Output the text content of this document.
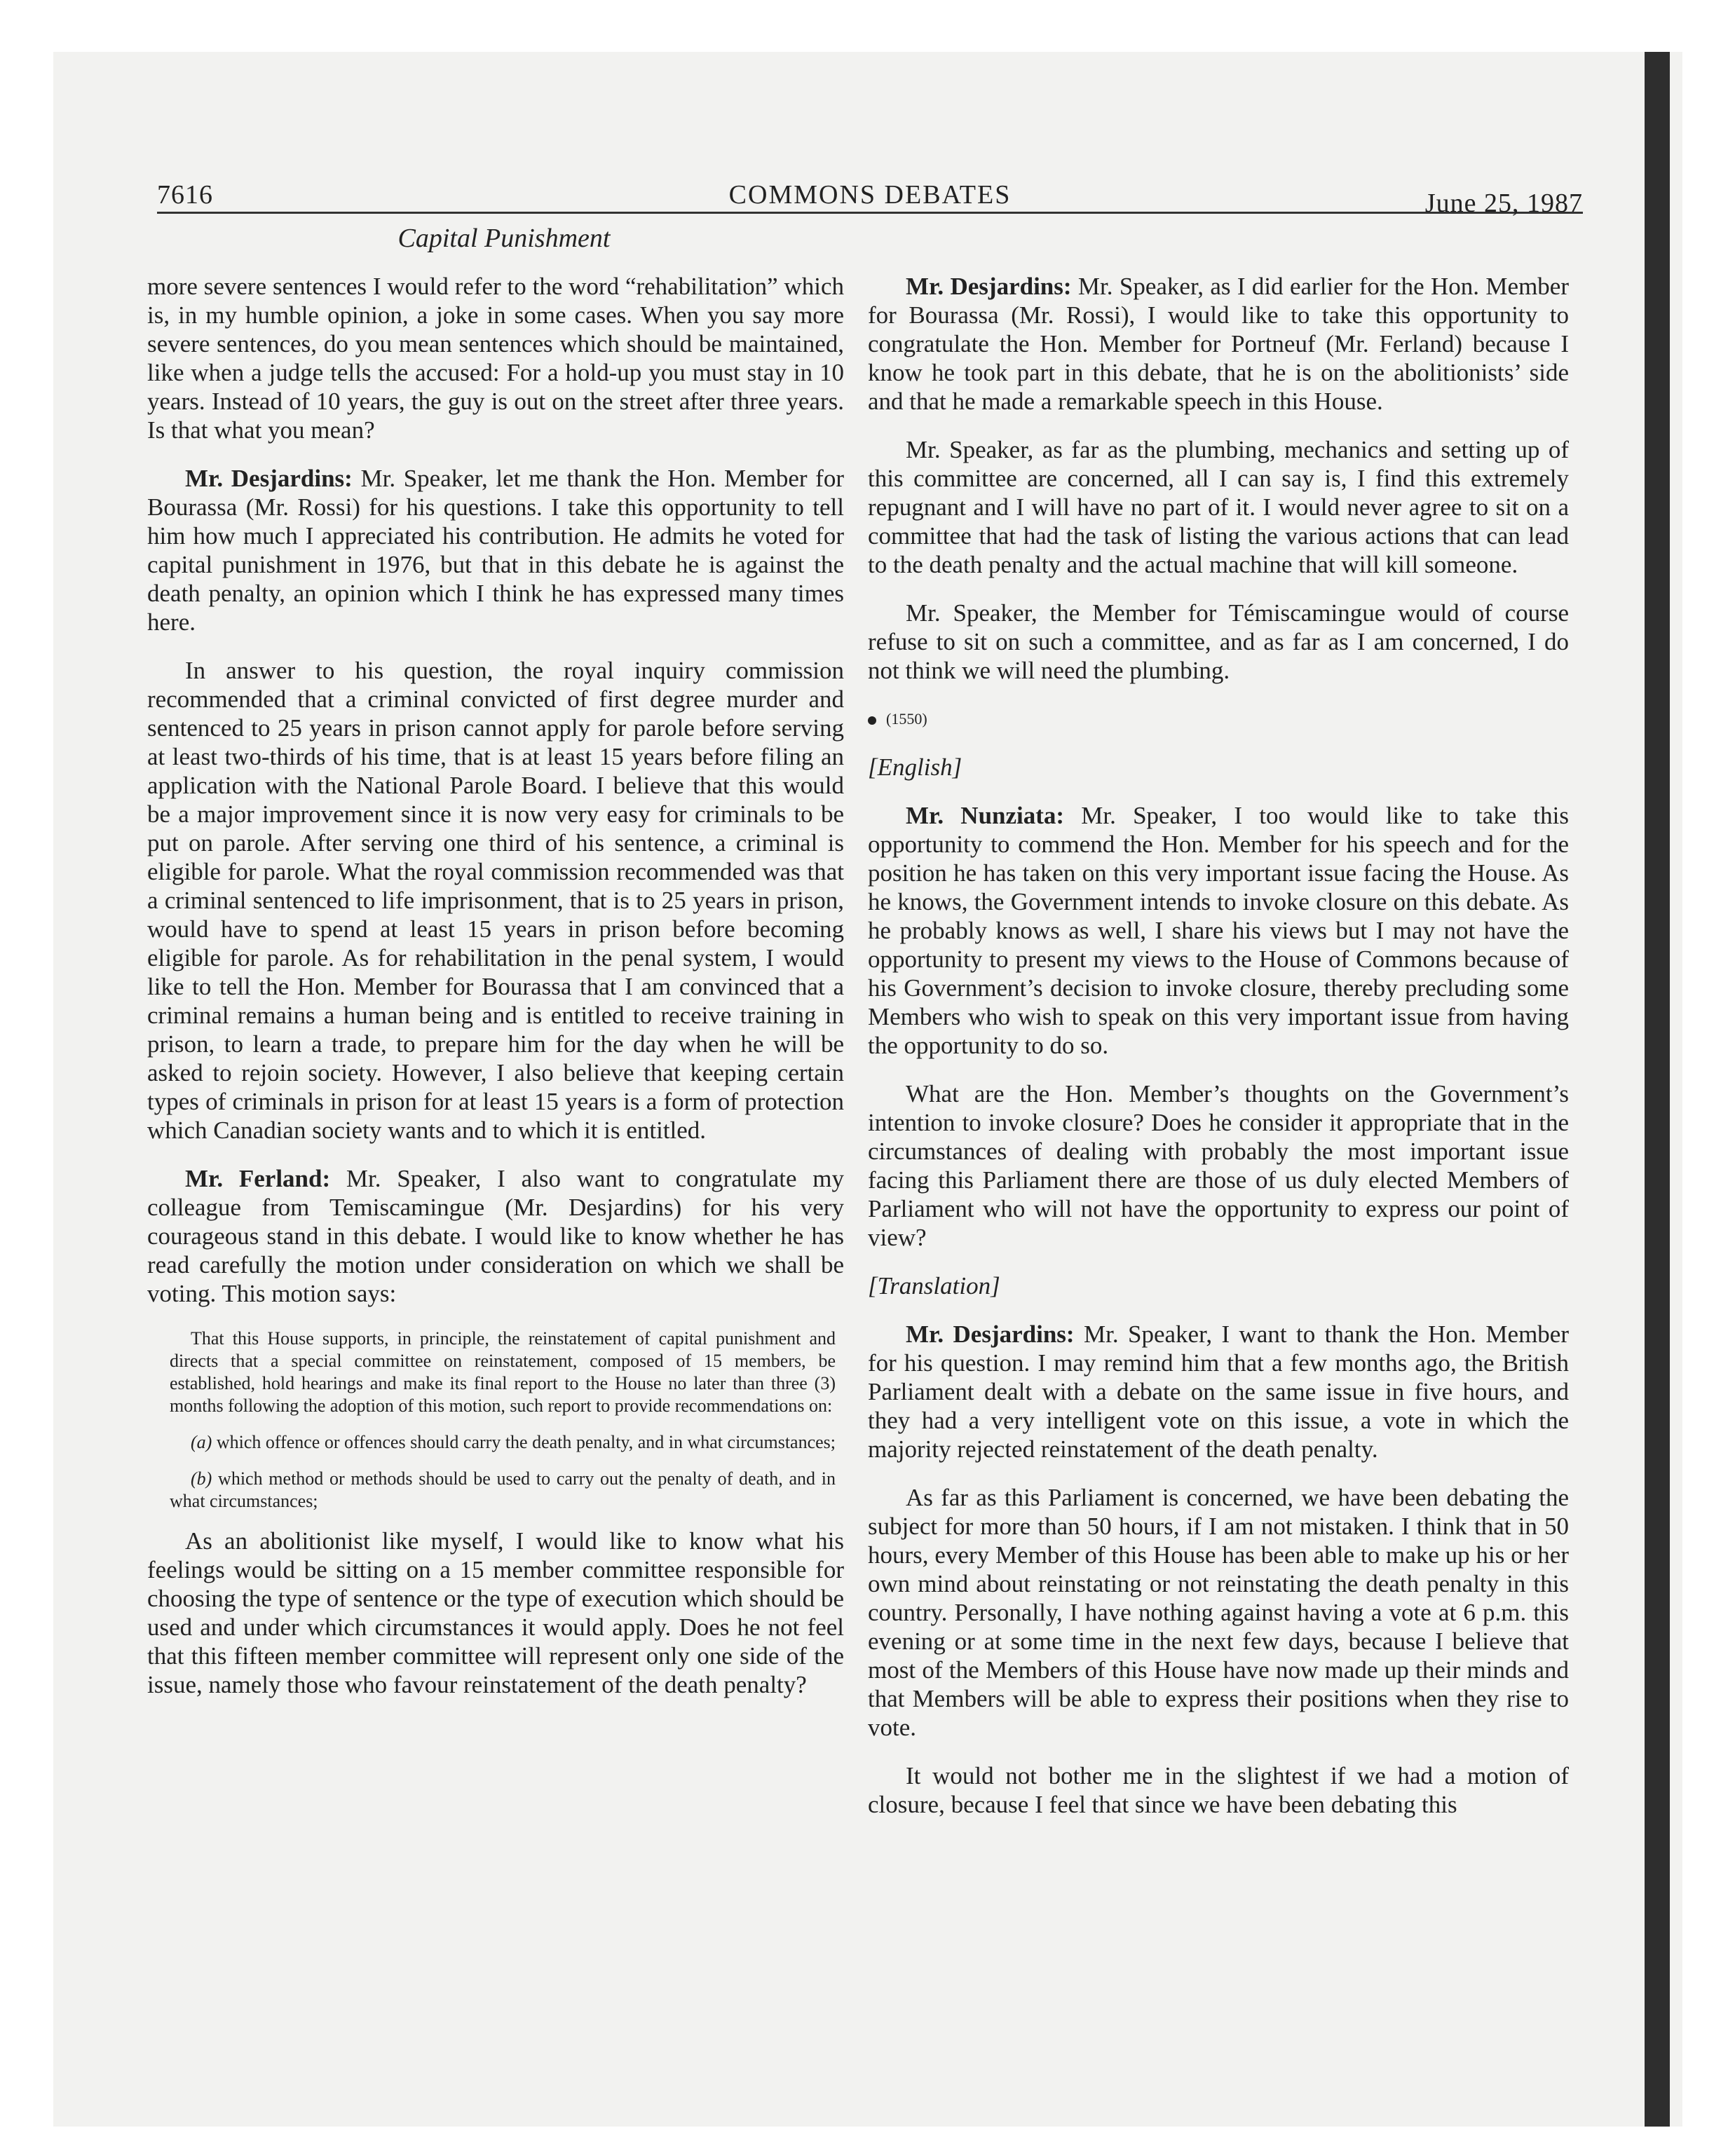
7616	COMMONS DEBATES	June 25, 1987
Capital Punishment

more severe sentences I would refer to the word “rehabilitation” which is, in my humble opinion, a joke in some cases. When you say more severe sentences, do you mean sentences which should be maintained, like when a judge tells the accused: For a hold-up you must stay in 10 years. Instead of 10 years, the guy is out on the street after three years. Is that what you mean?

Mr. Desjardins: Mr. Speaker, let me thank the Hon. Member for Bourassa (Mr. Rossi) for his questions. I take this opportunity to tell him how much I appreciated his contribution. He admits he voted for capital punishment in 1976, but that in this debate he is against the death penalty, an opinion which I think he has expressed many times here.

In answer to his question, the royal inquiry commission recommended that a criminal convicted of first degree murder and sentenced to 25 years in prison cannot apply for parole before serving at least two-thirds of his time, that is at least 15 years before filing an application with the National Parole Board. I believe that this would be a major improvement since it is now very easy for criminals to be put on parole. After serving one third of his sentence, a criminal is eligible for parole. What the royal commission recommended was that a criminal sentenced to life imprisonment, that is to 25 years in prison, would have to spend at least 15 years in prison before becoming eligible for parole. As for rehabilitation in the penal system, I would like to tell the Hon. Member for Bourassa that I am convinced that a criminal remains a human being and is entitled to receive training in prison, to learn a trade, to prepare him for the day when he will be asked to rejoin society. However, I also believe that keeping certain types of criminals in prison for at least 15 years is a form of protection which Canadian society wants and to which it is entitled.

Mr. Ferland: Mr. Speaker, I also want to congratulate my colleague from Temiscamingue (Mr. Desjardins) for his very courageous stand in this debate. I would like to know whether he has read carefully the motion under consideration on which we shall be voting. This motion says:

That this House supports, in principle, the reinstatement of capital punishment and directs that a special committee on reinstatement, composed of 15 members, be established, hold hearings and make its final report to the House no later than three (3) months following the adoption of this motion, such report to provide recommendations on:
(a) which offence or offences should carry the death penalty, and in what circumstances;
(b) which method or methods should be used to carry out the penalty of death, and in what circumstances;

As an abolitionist like myself, I would like to know what his feelings would be sitting on a 15 member committee responsible for choosing the type of sentence or the type of execution which should be used and under which circumstances it would apply. Does he not feel that this fifteen member committee will represent only one side of the issue, namely those who favour reinstatement of the death penalty?

Mr. Desjardins: Mr. Speaker, as I did earlier for the Hon. Member for Bourassa (Mr. Rossi), I would like to take this opportunity to congratulate the Hon. Member for Portneuf (Mr. Ferland) because I know he took part in this debate, that he is on the abolitionists’ side and that he made a remarkable speech in this House.

Mr. Speaker, as far as the plumbing, mechanics and setting up of this committee are concerned, all I can say is, I find this extremely repugnant and I will have no part of it. I would never agree to sit on a committee that had the task of listing the various actions that can lead to the death penalty and the actual machine that will kill someone.

Mr. Speaker, the Member for Témiscamingue would of course refuse to sit on such a committee, and as far as I am concerned, I do not think we will need the plumbing.

(1550)

[English]

Mr. Nunziata: Mr. Speaker, I too would like to take this opportunity to commend the Hon. Member for his speech and for the position he has taken on this very important issue facing the House. As he knows, the Government intends to invoke closure on this debate. As he probably knows as well, I share his views but I may not have the opportunity to present my views to the House of Commons because of his Government’s decision to invoke closure, thereby precluding some Members who wish to speak on this very important issue from having the opportunity to do so.

What are the Hon. Member’s thoughts on the Government’s intention to invoke closure? Does he consider it appropriate that in the circumstances of dealing with probably the most important issue facing this Parliament there are those of us duly elected Members of Parliament who will not have the opportunity to express our point of view?

[Translation]

Mr. Desjardins: Mr. Speaker, I want to thank the Hon. Member for his question. I may remind him that a few months ago, the British Parliament dealt with a debate on the same issue in five hours, and they had a very intelligent vote on this issue, a vote in which the majority rejected reinstatement of the death penalty.

As far as this Parliament is concerned, we have been debating the subject for more than 50 hours, if I am not mistaken. I think that in 50 hours, every Member of this House has been able to make up his or her own mind about reinstating or not reinstating the death penalty in this country. Personally, I have nothing against having a vote at 6 p.m. this evening or at some time in the next few days, because I believe that most of the Members of this House have now made up their minds and that Members will be able to express their positions when they rise to vote.

It would not bother me in the slightest if we had a motion of closure, because I feel that since we have been debating this
